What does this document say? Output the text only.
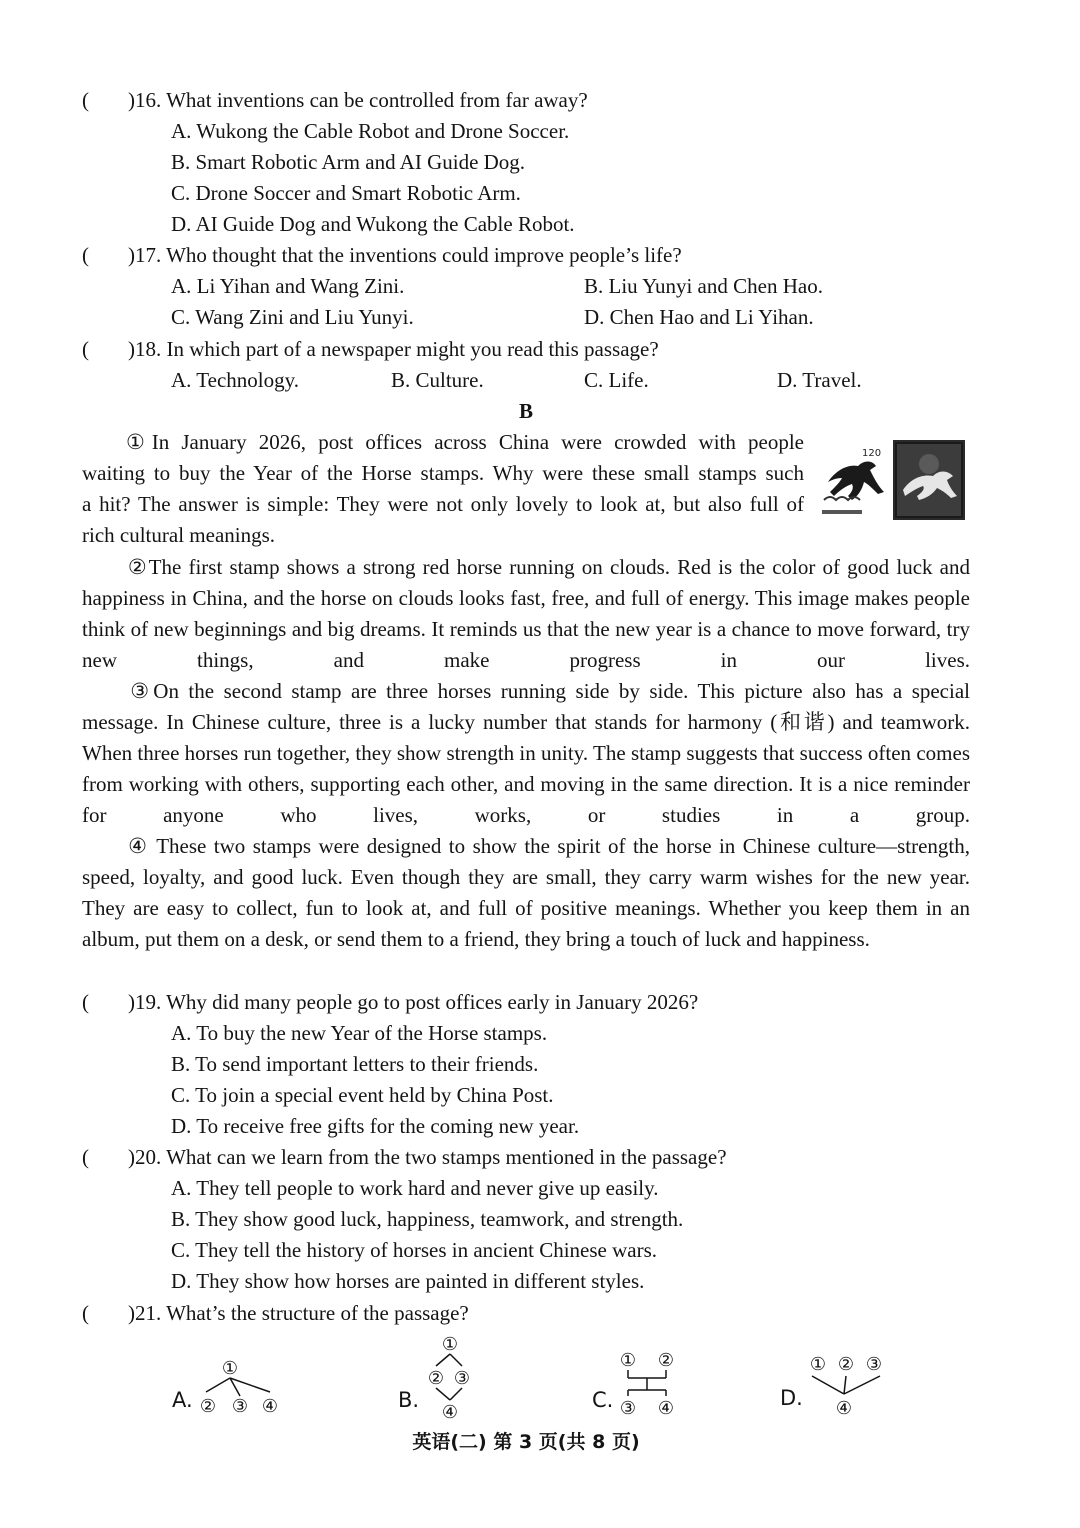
( )16. What inventions can be controlled from far away?
A. Wukong the Cable Robot and Drone Soccer.
B. Smart Robotic Arm and AI Guide Dog.
C. Drone Soccer and Smart Robotic Arm.
D. AI Guide Dog and Wukong the Cable Robot.
( )17. Who thought that the inventions could improve people’s life?
A. Li Yihan and Wang Zini.	B. Liu Yunyi and Chen Hao.
C. Wang Zini and Liu Yunyi.	D. Chen Hao and Li Yihan.
( )18. In which part of a newspaper might you read this passage?
A. Technology.	B. Culture.	C. Life.	D. Travel.
B
①In January 2026, post offices across China were crowded with people
waiting to buy the Year of the Horse stamps. Why were these small stamps such
a hit? The answer is simple: They were not only lovely to look at, but also full of
rich cultural meanings.
120
②The first stamp shows a strong red horse running on clouds. Red is the color of good luck and happiness in China, and the horse on clouds looks fast, free, and full of energy. This image makes people think of new beginnings and big dreams. It reminds us that the new year is a chance to move forward, try new things, and make progress in our lives.
③On the second stamp are three horses running side by side. This picture also has a special message. In Chinese culture, three is a lucky number that stands for harmony (和谐) and teamwork. When three horses run together, they show strength in unity. The stamp suggests that success often comes from working with others, supporting each other, and moving in the same direction. It is a nice reminder for anyone who lives, works, or studies in a group.
④ These two stamps were designed to show the spirit of the horse in Chinese culture—strength, speed, loyalty, and good luck. Even though they are small, they carry warm wishes for the new year. They are easy to collect, fun to look at, and full of positive meanings. Whether you keep them in an album, put them on a desk, or send them to a friend, they bring a touch of luck and happiness.
( )19. Why did many people go to post offices early in January 2026?
A. To buy the new Year of the Horse stamps.
B. To send important letters to their friends.
C. To join a special event held by China Post.
D. To receive free gifts for the coming new year.
( )20. What can we learn from the two stamps mentioned in the passage?
A. They tell people to work hard and never give up easily.
B. They show good luck, happiness, teamwork, and strength.
C. They tell the history of horses in ancient Chinese wars.
D. They show how horses are painted in different styles.
( )21. What’s the structure of the passage?
A.
①
② ③ ④	B.
①
② ③
④
C.
① ②
③ ④	D.
① ② ③
④
英语(二) 第 3 页(共 8 页)
